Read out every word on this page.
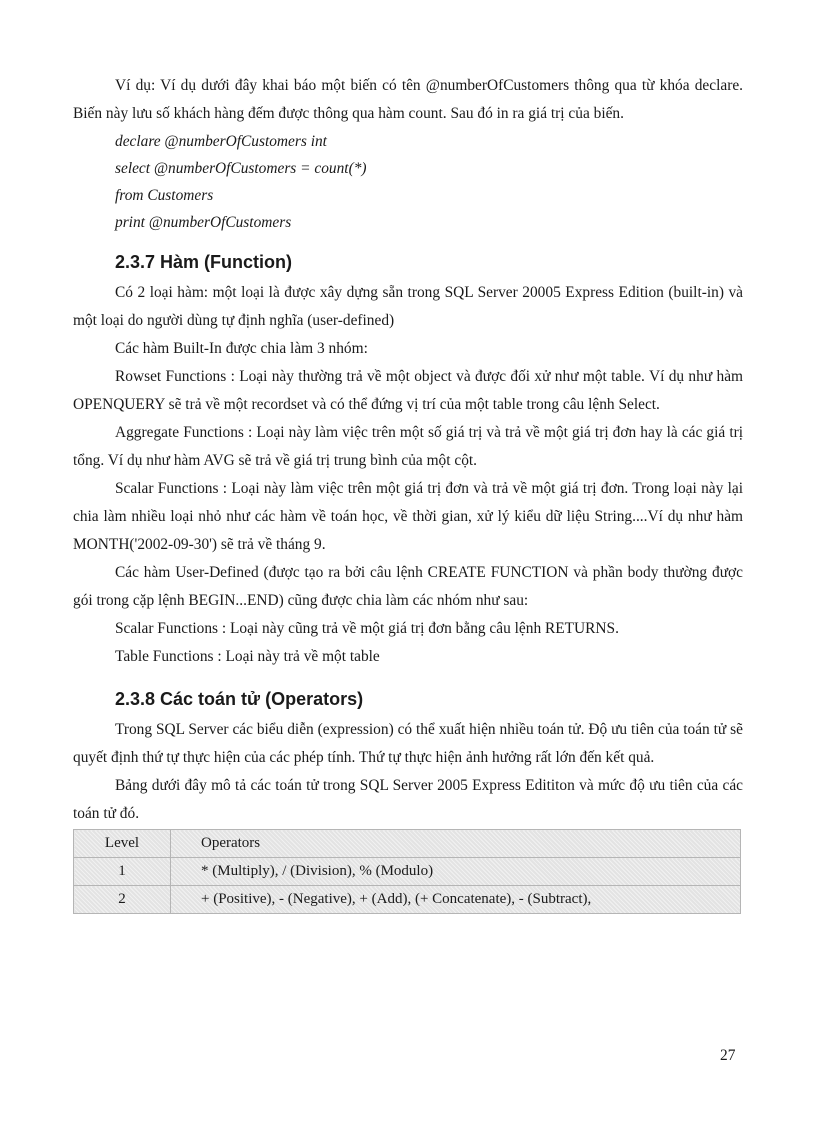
Ví dụ: Ví dụ dưới đây khai báo một biến có tên @numberOfCustomers thông qua từ khóa declare. Biến này lưu số khách hàng đếm được thông qua hàm count. Sau đó in ra giá trị của biến.

declare @numberOfCustomers int
select @numberOfCustomers = count(*)
from Customers
print @numberOfCustomers
2.3.7 Hàm (Function)

Có 2 loại hàm: một loại là được xây dựng sẵn trong SQL Server 20005 Express Edition (built-in) và một loại do người dùng tự định nghĩa (user-defined)

Các hàm Built-In được chia làm 3 nhóm:

Rowset Functions : Loại này thường trả về một object và được đối xử như một table. Ví dụ như hàm OPENQUERY sẽ trả về một recordset và có thể đứng vị trí của một table trong câu lệnh Select.

Aggregate Functions : Loại này làm việc trên một số giá trị và trả về một giá trị đơn hay là các giá trị tổng. Ví dụ như hàm AVG sẽ trả về giá trị trung bình của một cột.

Scalar Functions : Loại này làm việc trên một giá trị đơn và trả về một giá trị đơn. Trong loại này lại chia làm nhiều loại nhỏ như các hàm về toán học, về thời gian, xử lý kiểu dữ liệu String....Ví dụ như hàm MONTH('2002-09-30') sẽ trả về tháng 9.

Các hàm User-Defined (được tạo ra bởi câu lệnh CREATE FUNCTION và phần body thường được gói trong cặp lệnh BEGIN...END) cũng được chia làm các nhóm như sau:

Scalar Functions : Loại này cũng trả về một giá trị đơn bằng câu lệnh RETURNS.

Table Functions : Loại này trả về một table

2.3.8 Các toán tử (Operators)

Trong SQL Server các biểu diễn (expression) có thể xuất hiện nhiều toán tử. Độ ưu tiên của toán tử sẽ quyết định thứ tự thực hiện của các phép tính. Thứ tự thực hiện ảnh hưởng rất lớn đến kết quả.

Bảng dưới đây mô tả các toán tử trong SQL Server 2005 Express Edititon và mức độ ưu tiên của các toán tử đó.

Level	Operators
1	* (Multiply), / (Division), % (Modulo)
2	+ (Positive), - (Negative), + (Add), (+ Concatenate), - (Subtract),
27
